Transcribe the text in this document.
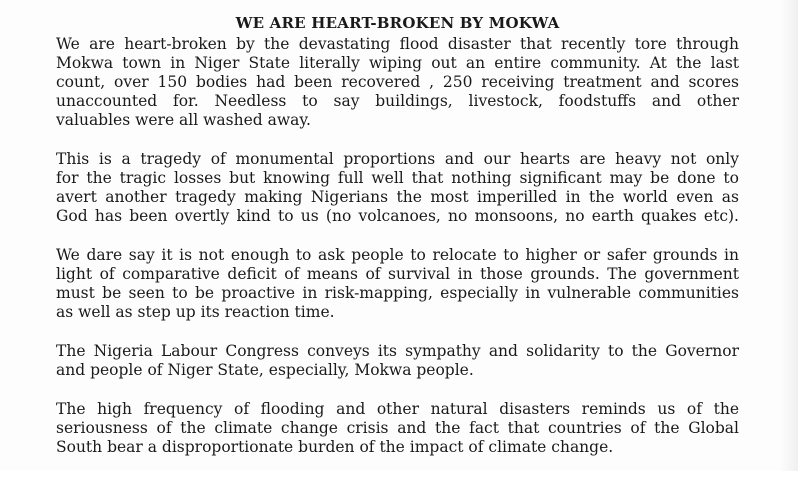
WE ARE HEART-BROKEN BY MOKWA
We are heart-broken by the devastating flood disaster that recently tore through
Mokwa town in Niger State literally wiping out an entire community. At the last
count, over 150 bodies had been recovered , 250 receiving treatment and scores
unaccounted for. Needless to say buildings, livestock, foodstuffs and other
valuables were all washed away.
This is a tragedy of monumental proportions and our hearts are heavy not only
for the tragic losses but knowing full well that nothing significant may be done to
avert another tragedy making Nigerians the most imperilled in the world even as
God has been overtly kind to us (no volcanoes, no monsoons, no earth quakes etc).
We dare say it is not enough to ask people to relocate to higher or safer grounds in
light of comparative deficit of means of survival in those grounds. The government
must be seen to be proactive in risk-mapping, especially in vulnerable communities
as well as step up its reaction time.
The Nigeria Labour Congress conveys its sympathy and solidarity to the Governor
and people of Niger State, especially, Mokwa people.
The high frequency of flooding and other natural disasters reminds us of the
seriousness of the climate change crisis and the fact that countries of the Global
South bear a disproportionate burden of the impact of climate change.
